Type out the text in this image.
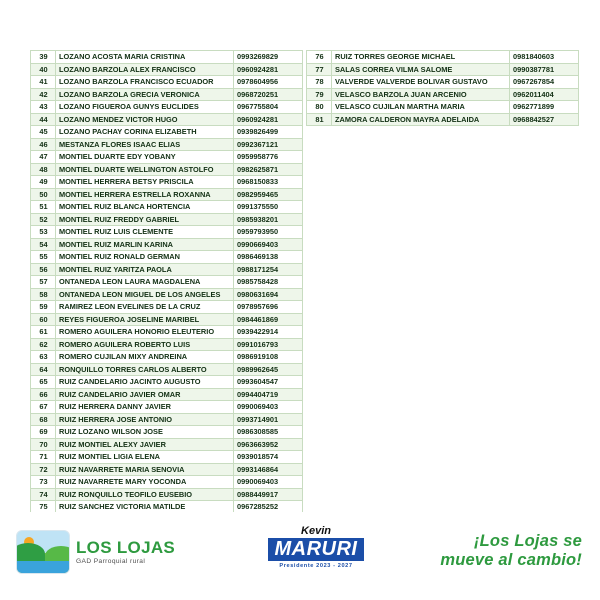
39	LOZANO ACOSTA MARIA CRISTINA	0993269829
40	LOZANO BARZOLA ALEX FRANCISCO	0960924281
41	LOZANO BARZOLA FRANCISCO ECUADOR	0978604956
42	LOZANO BARZOLA GRECIA VERONICA	0968720251
43	LOZANO FIGUEROA GUNYS EUCLIDES	0967755804
44	LOZANO MENDEZ VICTOR HUGO	0960924281
45	LOZANO PACHAY CORINA ELIZABETH	0939826499
46	MESTANZA FLORES ISAAC ELIAS	0992367121
47	MONTIEL DUARTE EDY YOBANY	0959958776
48	MONTIEL DUARTE WELLINGTON ASTOLFO	0982625871
49	MONTIEL HERRERA BETSY PRISCILA	0968150833
50	MONTIEL HERRERA ESTRELLA ROXANNA	0982959465
51	MONTIEL RUIZ BLANCA HORTENCIA	0991375550
52	MONTIEL RUIZ FREDDY GABRIEL	0985938201
53	MONTIEL RUIZ LUIS CLEMENTE	0959793950
54	MONTIEL RUIZ MARLIN KARINA	0990669403
55	MONTIEL RUIZ RONALD GERMAN	0986469138
56	MONTIEL RUIZ YARITZA PAOLA	0988171254
57	ONTANEDA LEON LAURA MAGDALENA	0985758428
58	ONTANEDA LEON MIGUEL DE LOS ANGELES	0980631694
59	RAMIREZ LEON EVELINES DE LA CRUZ	0978957696
60	REYES FIGUEROA JOSELINE MARIBEL	0984461869
61	ROMERO AGUILERA HONORIO ELEUTERIO	0939422914
62	ROMERO AGUILERA ROBERTO LUIS	0991016793
63	ROMERO CUJILAN MIXY ANDREINA	0986919108
64	RONQUILLO TORRES CARLOS ALBERTO	0989962645
65	RUIZ CANDELARIO JACINTO AUGUSTO	0993604547
66	RUIZ CANDELARIO JAVIER OMAR	0994404719
67	RUIZ HERRERA DANNY JAVIER	0990069403
68	RUIZ HERRERA JOSE ANTONIO	0993714901
69	RUIZ LOZANO WILSON JOSE	0986308585
70	RUIZ MONTIEL ALEXY JAVIER	0963663952
71	RUIZ MONTIEL LIGIA ELENA	0939018574
72	RUIZ NAVARRETE MARIA SENOVIA	0993146864
73	RUIZ NAVARRETE MARY YOCONDA	0990069403
74	RUIZ RONQUILLO TEOFILO EUSEBIO	0988449917
75	RUIZ SANCHEZ VICTORIA MATILDE	0967285252
76	RUIZ TORRES GEORGE MICHAEL	0981840603
77	SALAS CORREA VILMA SALOME	0990387781
78	VALVERDE VALVERDE BOLIVAR GUSTAVO	0967267854
79	VELASCO BARZOLA JUAN ARCENIO	0962011404
80	VELASCO CUJILAN MARTHA MARIA	0962771899
81	ZAMORA CALDERON MAYRA ADELAIDA	0968842527
LOS LOJAS
GAD Parroquial rural
Kevin
MARURI
Presidente 2023 - 2027
¡Los Lojas se
mueve al cambio!
